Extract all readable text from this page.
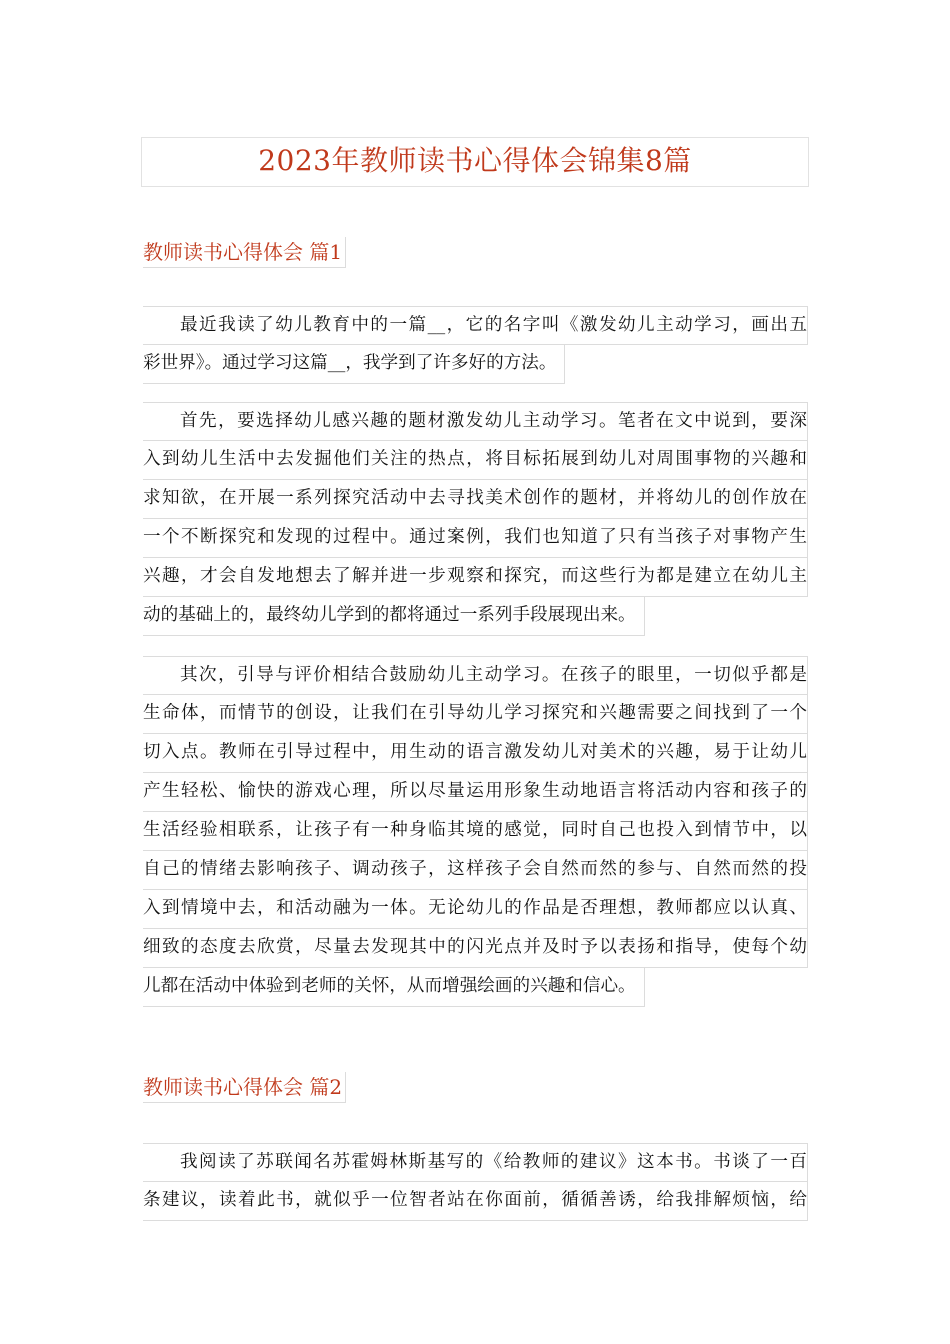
2023年教师读书心得体会锦集8篇
教师读书心得体会 篇1
最近我读了幼儿教育中的一篇__，它的名字叫《激发幼儿主动学习，画出五
彩世界》。通过学习这篇__，我学到了许多好的方法。
首先，要选择幼儿感兴趣的题材激发幼儿主动学习。笔者在文中说到，要深
入到幼儿生活中去发掘他们关注的热点，将目标拓展到幼儿对周围事物的兴趣和
求知欲，在开展一系列探究活动中去寻找美术创作的题材，并将幼儿的创作放在
一个不断探究和发现的过程中。通过案例，我们也知道了只有当孩子对事物产生
兴趣，才会自发地想去了解并进一步观察和探究，而这些行为都是建立在幼儿主
动的基础上的，最终幼儿学到的都将通过一系列手段展现出来。
其次，引导与评价相结合鼓励幼儿主动学习。在孩子的眼里，一切似乎都是
生命体，而情节的创设，让我们在引导幼儿学习探究和兴趣需要之间找到了一个
切入点。教师在引导过程中，用生动的语言激发幼儿对美术的兴趣，易于让幼儿
产生轻松、愉快的游戏心理，所以尽量运用形象生动地语言将活动内容和孩子的
生活经验相联系，让孩子有一种身临其境的感觉，同时自己也投入到情节中，以
自己的情绪去影响孩子、调动孩子，这样孩子会自然而然的参与、自然而然的投
入到情境中去，和活动融为一体。无论幼儿的作品是否理想，教师都应以认真、
细致的态度去欣赏，尽量去发现其中的闪光点并及时予以表扬和指导，使每个幼
儿都在活动中体验到老师的关怀，从而增强绘画的兴趣和信心。
教师读书心得体会 篇2
我阅读了苏联闻名苏霍姆林斯基写的《给教师的建议》这本书。书谈了一百
条建议，读着此书，就似乎一位智者站在你面前，循循善诱，给我排解烦恼，给
